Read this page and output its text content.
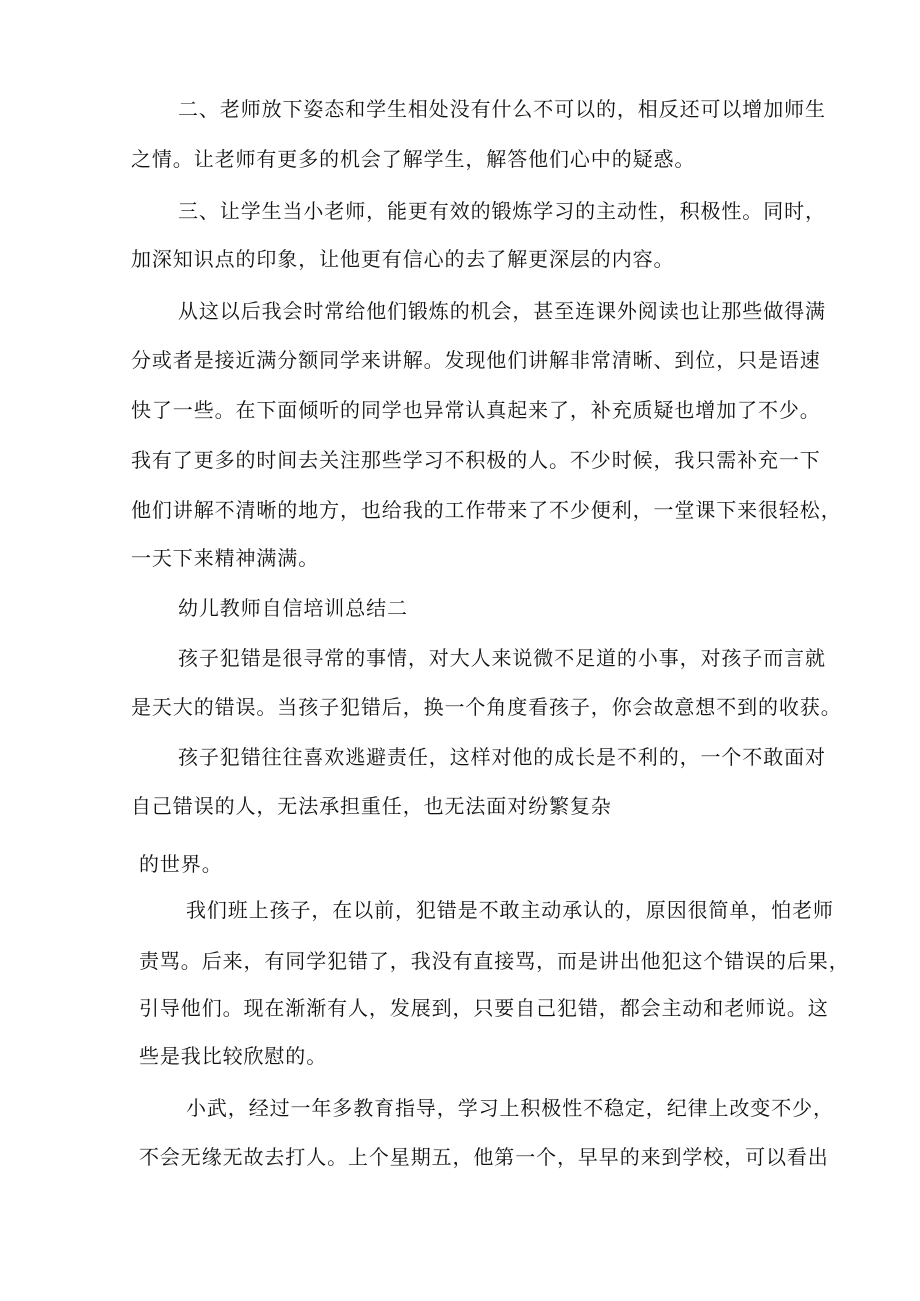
二、老师放下姿态和学生相处没有什么不可以的，相反还可以增加师生
之情。让老师有更多的机会了解学生，解答他们心中的疑惑。
三、让学生当小老师，能更有效的锻炼学习的主动性，积极性。同时，
加深知识点的印象，让他更有信心的去了解更深层的内容。
从这以后我会时常给他们锻炼的机会，甚至连课外阅读也让那些做得满
分或者是接近满分额同学来讲解。发现他们讲解非常清晰、到位，只是语速
快了一些。在下面倾听的同学也异常认真起来了，补充质疑也增加了不少。
我有了更多的时间去关注那些学习不积极的人。不少时候，我只需补充一下
他们讲解不清晰的地方，也给我的工作带来了不少便利，一堂课下来很轻松，
一天下来精神满满。
幼儿教师自信培训总结二
孩子犯错是很寻常的事情，对大人来说微不足道的小事，对孩子而言就
是天大的错误。当孩子犯错后，换一个角度看孩子，你会故意想不到的收获。
孩子犯错往往喜欢逃避责任，这样对他的成长是不利的，一个不敢面对
自己错误的人，无法承担重任，也无法面对纷繁复杂
的世界。
我们班上孩子，在以前，犯错是不敢主动承认的，原因很简单，怕老师
责骂。后来，有同学犯错了，我没有直接骂，而是讲出他犯这个错误的后果，
引导他们。现在渐渐有人，发展到，只要自己犯错，都会主动和老师说。这
些是我比较欣慰的。
小武，经过一年多教育指导，学习上积极性不稳定，纪律上改变不少，
不会无缘无故去打人。上个星期五，他第一个，早早的来到学校，可以看出
